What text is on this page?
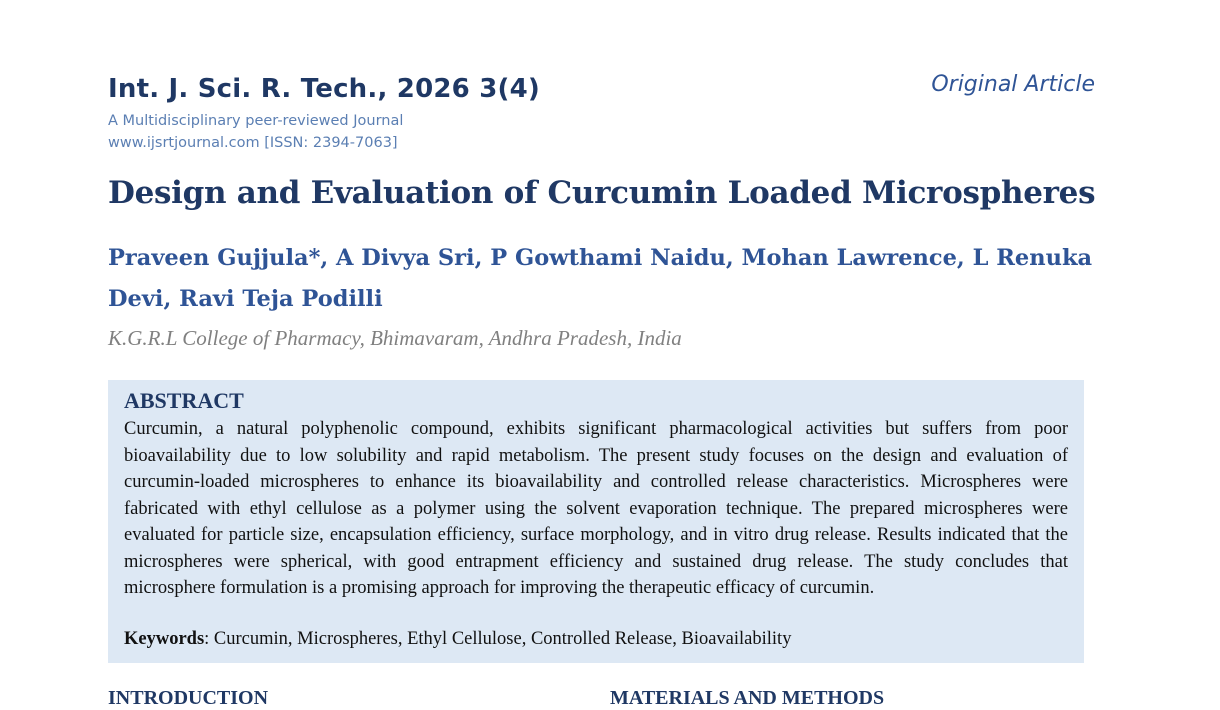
Int. J. Sci. R. Tech., 2026 3(4)
A Multidisciplinary peer-reviewed Journal
www.ijsrtjournal.com [ISSN: 2394-7063]
Original Article
Design and Evaluation of Curcumin Loaded Microspheres
Praveen Gujjula*, A Divya Sri, P Gowthami Naidu, Mohan Lawrence, L Renuka Devi, Ravi Teja Podilli
K.G.R.L College of Pharmacy, Bhimavaram, Andhra Pradesh, India
ABSTRACT

Curcumin, a natural polyphenolic compound, exhibits significant pharmacological activities but suffers from poor bioavailability due to low solubility and rapid metabolism. The present study focuses on the design and evaluation of curcumin-loaded microspheres to enhance its bioavailability and controlled release characteristics. Microspheres were fabricated with ethyl cellulose as a polymer using the solvent evaporation technique. The prepared microspheres were evaluated for particle size, encapsulation efficiency, surface morphology, and in vitro drug release. Results indicated that the microspheres were spherical, with good entrapment efficiency and sustained drug release. The study concludes that microsphere formulation is a promising approach for improving the therapeutic efficacy of curcumin.

Keywords: Curcumin, Microspheres, Ethyl Cellulose, Controlled Release, Bioavailability
INTRODUCTION	MATERIALS AND METHODS
